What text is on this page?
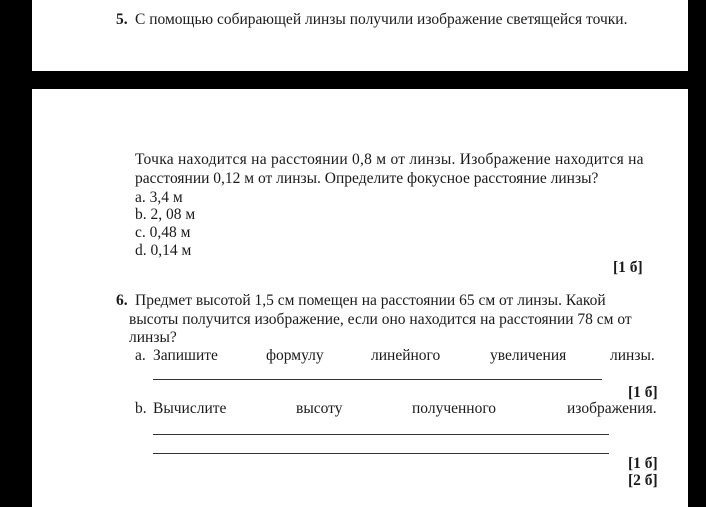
5. С помощью собирающей линзы получили изображение светящейся точки.
Точка находится на расстоянии 0,8 м от линзы. Изображение находится на
расстоянии 0,12 м от линзы. Определите фокусное расстояние линзы?
a. 3,4 м
b. 2, 08 м
c. 0,48 м
d. 0,14 м
[1 б]
6. Предмет высотой 1,5 см помещен на расстоянии 65 см от линзы. Какой
высоты получится изображение, если оно находится на расстоянии 78 см от
линзы?
a. Запишите	формулу	линейного	увеличения	линзы.
[1 б]
b. Вычислите	высоту	полученного	изображения.
[1 б]
[2 б]
